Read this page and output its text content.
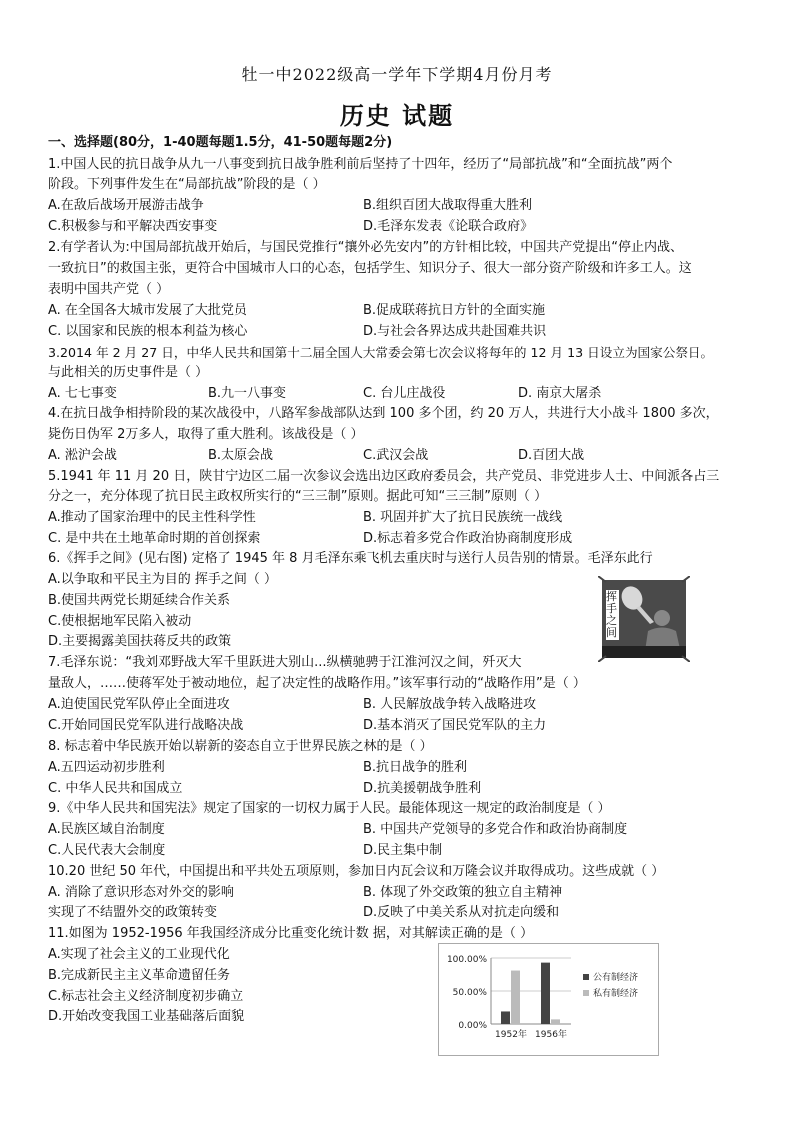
牡一中2022级高一学年下学期4月份月考
历史 试题
一、选择题(80分，1-40题每题1.5分，41-50题每题2分)
1.中国人民的抗日战争从九一八事变到抗日战争胜利前后坚持了十四年，经历了“局部抗战”和“全面抗战”两个
阶段。下列事件发生在“局部抗战”阶段的是（ ）
A.在敌后战场开展游击战争	B.组织百团大战取得重大胜利
C.积极参与和平解决西安事变	D.毛泽东发表《论联合政府》
2.有学者认为:中国局部抗战开始后，与国民党推行“攘外必先安内”的方针相比较，中国共产党提出“停止内战、
一致抗日”的救国主张，更符合中国城市人口的心态，包括学生、知识分子、很大一部分资产阶级和许多工人。这
表明中国共产党（ ）
A. 在全国各大城市发展了大批党员	B.促成联蒋抗日方针的全面实施
C. 以国家和民族的根本利益为核心	D.与社会各界达成共赴国难共识
3.2014 年 2 月 27 日，中华人民共和国第十二届全国人大常委会第七次会议将每年的 12 月 13 日设立为国家公祭日。
与此相关的历史事件是（ ）
A. 七七事变	B.九一八事变	C. 台儿庄战役	D. 南京大屠杀
4.在抗日战争相持阶段的某次战役中，八路军参战部队达到 100 多个团，约 20 万人，共进行大小战斗 1800 多次，
毙伤日伪军 2万多人，取得了重大胜利。该战役是（ ）
A. 淞沪会战	B.太原会战	C.武汉会战	D.百团大战
5.1941 年 11 月 20 日，陕甘宁边区二届一次参议会选出边区政府委员会，共产党员、非党进步人士、中间派各占三
分之一，充分体现了抗日民主政权所实行的“三三制”原则。据此可知“三三制”原则（ ）
A.推动了国家治理中的民主性科学性	B. 巩固并扩大了抗日民族统一战线
C. 是中共在土地革命时期的首创探索	D.标志着多党合作政治协商制度形成
6.《挥手之间》(见右图) 定格了 1945 年 8 月毛泽东乘飞机去重庆时与送行人员告别的情景。毛泽东此行
A.以争取和平民主为目的 挥手之间（ ）
B.使国共两党长期延续合作关系
C.使根据地军民陷入被动
D.主要揭露美国扶蒋反共的政策
挥手之间
7.毛泽东说：“我刘邓野战大军千里跃进大别山...纵横驰骋于江淮河汉之间，歼灭大
量敌人，……使蒋军处于被动地位，起了决定性的战略作用。”该军事行动的“战略作用”是（ ）
A.迫使国民党军队停止全面进攻	B. 人民解放战争转入战略进攻
C.开始同国民党军队进行战略决战	D.基本消灭了国民党军队的主力
8. 标志着中华民族开始以崭新的姿态自立于世界民族之林的是（ ）
A.五四运动初步胜利	B.抗日战争的胜利
C. 中华人民共和国成立	D.抗美援朝战争胜利
9.《中华人民共和国宪法》规定了国家的一切权力属于人民。最能体现这一规定的政治制度是（ ）
A.民族区域自治制度	B. 中国共产党领导的多党合作和政治协商制度
C.人民代表大会制度	D.民主集中制
10.20 世纪 50 年代，中国提出和平共处五项原则，参加日内瓦会议和万隆会议并取得成功。这些成就（ ）
A. 消除了意识形态对外交的影响	B. 体现了外交政策的独立自主精神
实现了不结盟外交的政策转变	D.反映了中美关系从对抗走向缓和
11.如图为 1952-1956 年我国经济成分比重变化统计数 据，对其解读正确的是（ ）
A.实现了社会主义的工业现代化
B.完成新民主主义革命遗留任务
C.标志社会主义经济制度初步确立
D.开始改变我国工业基础落后面貌
100.00%
50.00%
0.00%
1952年 1956年
公有制经济
私有制经济
